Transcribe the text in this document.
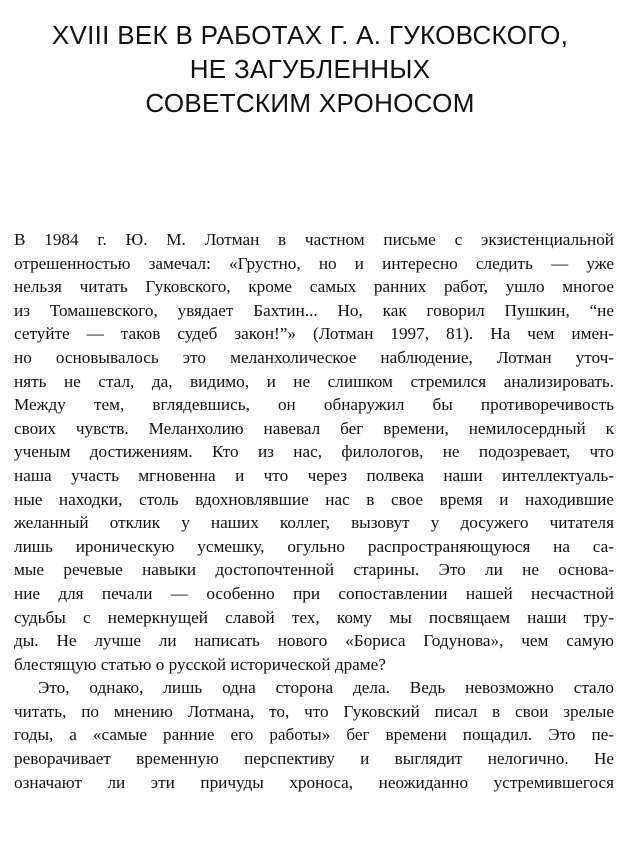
XVIII ВЕК В РАБОТАХ Г. А. ГУКОВСКОГО,
НЕ ЗАГУБЛЕННЫХ
СОВЕТСКИМ ХРОНОСОМ
В 1984 г. Ю. М. Лотман в частном письме с экзистенциальной
отрешенностью замечал: «Грустно, но и интересно следить — уже
нельзя читать Гуковского, кроме самых ранних работ, ушло многое
из Томашевского, увядает Бахтин... Но, как говорил Пушкин, “не
сетуйте — таков судеб закон!”» (Лотман 1997, 81). На чем имен-
но основывалось это меланхолическое наблюдение, Лотман уточ-
нять не стал, да, видимо, и не слишком стремился анализировать.
Между тем, вглядевшись, он обнаружил бы противоречивость
своих чувств. Меланхолию навевал бег времени, немилосердный к
ученым достижениям. Кто из нас, филологов, не подозревает, что
наша участь мгновенна и что через полвека наши интеллектуаль-
ные находки, столь вдохновлявшие нас в свое время и находившие
желанный отклик у наших коллег, вызовут у досужего читателя
лишь ироническую усмешку, огульно распространяющуюся на са-
мые речевые навыки достопочтенной старины. Это ли не основа-
ние для печали — особенно при сопоставлении нашей несчастной
судьбы с немеркнущей славой тех, кому мы посвящаем наши тру-
ды. Не лучше ли написать нового «Бориса Годунова», чем самую
блестящую статью о русской исторической драме?
Это, однако, лишь одна сторона дела. Ведь невозможно стало
читать, по мнению Лотмана, то, что Гуковский писал в свои зрелые
годы, а «самые ранние его работы» бег времени пощадил. Это пе-
реворачивает временную перспективу и выглядит нелогично. Не
означают ли эти причуды хроноса, неожиданно устремившегося
